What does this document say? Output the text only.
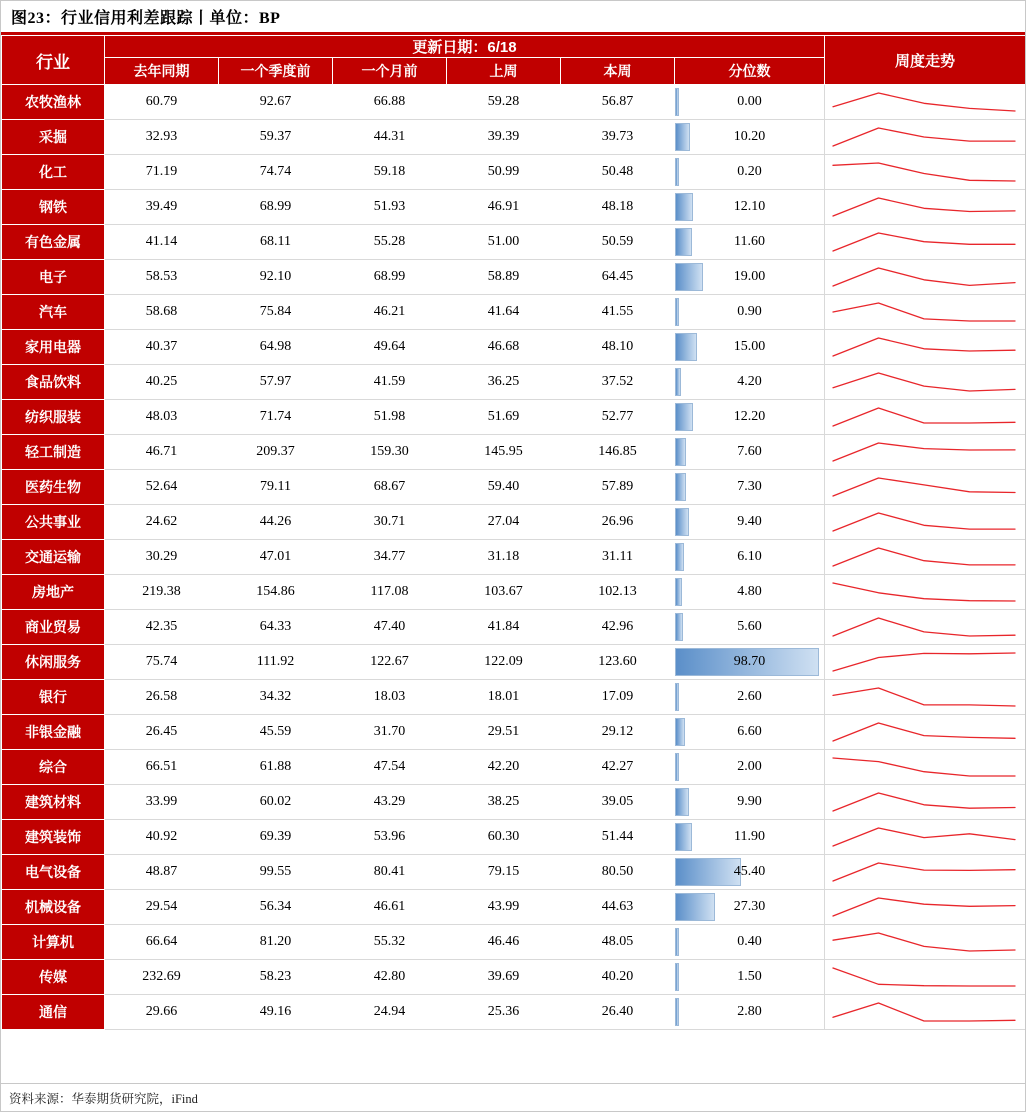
图23：行业信用利差跟踪丨单位：BP
行业	更新日期：6/18						周度走势
	去年同期	一个季度前	一个月前	上周	本周	分位数	
农牧渔林	60.79	92.67	66.88	59.28	56.87	0.00

采掘	32.93	59.37	44.31	39.39	39.73	10.20

化工	71.19	74.74	59.18	50.99	50.48	0.20

钢铁	39.49	68.99	51.93	46.91	48.18	12.10

有色金属	41.14	68.11	55.28	51.00	50.59	11.60

电子	58.53	92.10	68.99	58.89	64.45	19.00

汽车	58.68	75.84	46.21	41.64	41.55	0.90

家用电器	40.37	64.98	49.64	46.68	48.10	15.00

食品饮料	40.25	57.97	41.59	36.25	37.52	4.20

纺织服装	48.03	71.74	51.98	51.69	52.77	12.20

轻工制造	46.71	209.37	159.30	145.95	146.85	7.60

医药生物	52.64	79.11	68.67	59.40	57.89	7.30

公共事业	24.62	44.26	30.71	27.04	26.96	9.40

交通运输	30.29	47.01	34.77	31.18	31.11	6.10

房地产	219.38	154.86	117.08	103.67	102.13	4.80

商业贸易	42.35	64.33	47.40	41.84	42.96	5.60

休闲服务	75.74	111.92	122.67	122.09	123.60	98.70

银行	26.58	34.32	18.03	18.01	17.09	2.60

非银金融	26.45	45.59	31.70	29.51	29.12	6.60

综合	66.51	61.88	47.54	42.20	42.27	2.00

建筑材料	33.99	60.02	43.29	38.25	39.05	9.90

建筑装饰	40.92	69.39	53.96	60.30	51.44	11.90

电气设备	48.87	99.55	80.41	79.15	80.50	45.40

机械设备	29.54	56.34	46.61	43.99	44.63	27.30

计算机	66.64	81.20	55.32	46.46	48.05	0.40

传媒	232.69	58.23	42.80	39.69	40.20	1.50

通信	29.66	49.16	24.94	25.36	26.40	2.80

资料来源：华泰期货研究院，iFind
